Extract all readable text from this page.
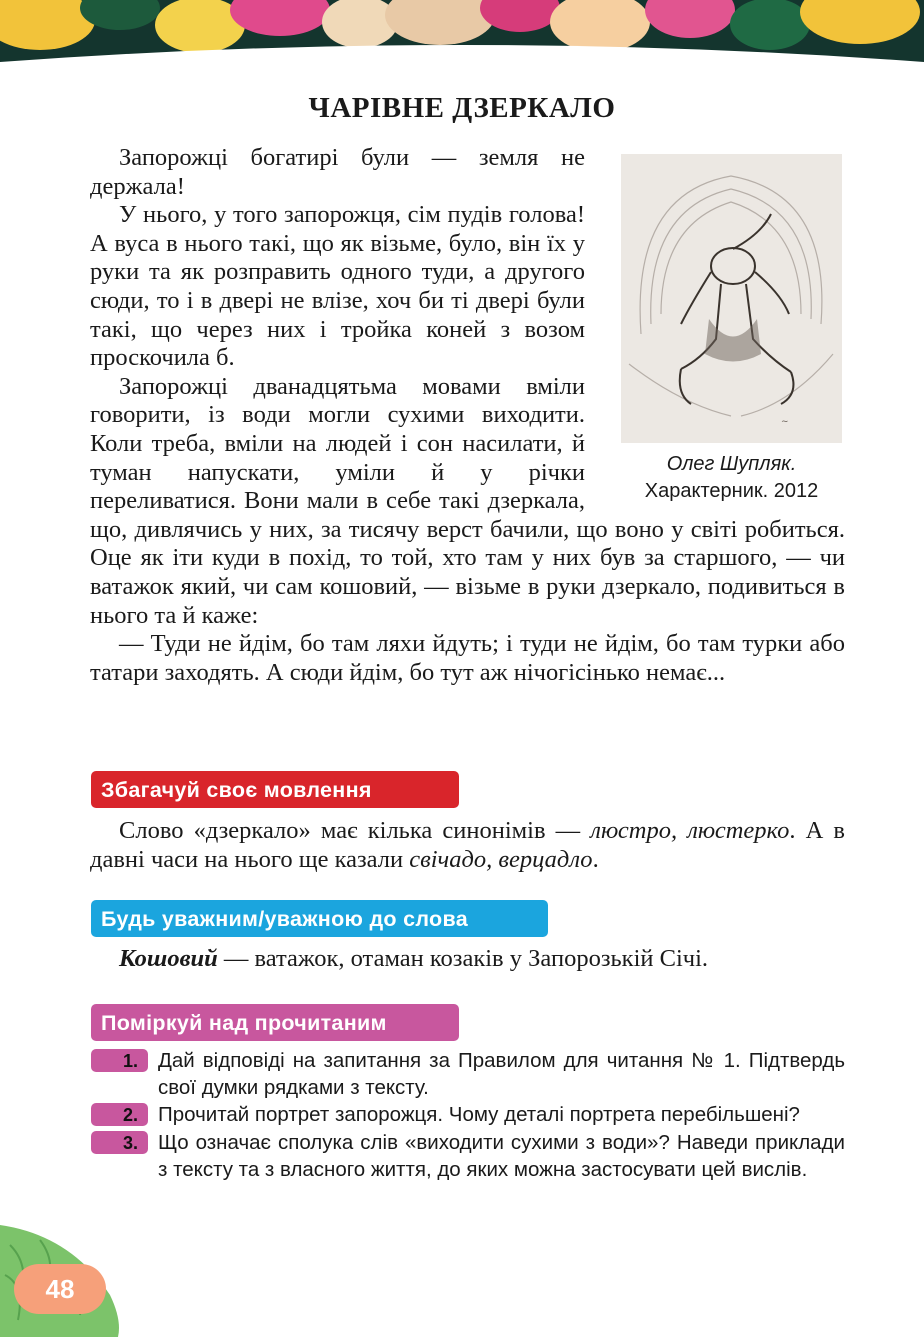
ЧАРІВНЕ ДЗЕРКАЛО
~
Олег Шупляк.
Характерник. 2012

Запорожці богатирі були — земля не держала!

У нього, у того запорожця, сім пудів голова! А вуса в нього такі, що як візьме, було, він їх у руки та як розправить одного туди, а другого сюди, то і в двері не влізе, хоч би ті двері були такі, що через них і тройка коней з возом проскочила б.

Запорожці дванадцятьма мовами вміли говорити, із води могли сухими виходити. Коли треба, вміли на людей і сон насилати, й туман напускати, уміли й у річки переливатися. Вони мали в себе такі дзеркала, що, дивлячись у них, за тисячу верст бачили, що воно у світі робиться. Оце як іти куди в похід, то той, хто там у них був за старшого, — чи ватажок який, чи сам кошовий, — візьме в руки дзеркало, подивиться в нього та й каже:

— Туди не йдім, бо там ляхи йдуть; і туди не йдім, бо там турки або татари заходять. А сюди йдім, бо тут аж нічогісінько немає...

Збагачуй своє мовлення
Слово «дзеркало» має кілька синонімів — люстро, люстерко. А в давні часи на нього ще казали свічадо, верцадло.
Будь уважним/уважною до слова
Кошовий — ватажок, отаман козаків у Запорозькій Січі.
Поміркуй над прочитаним
1. Дай відповіді на запитання за Правилом для читання № 1. Підтвердь свої думки рядками з тексту.
2. Прочитай портрет запорожця. Чому деталі портрета перебільшені?
3. Що означає сполука слів «виходити сухими з води»? Наведи приклади з тексту та з власного життя, до яких можна застосувати цей вислів.
48
